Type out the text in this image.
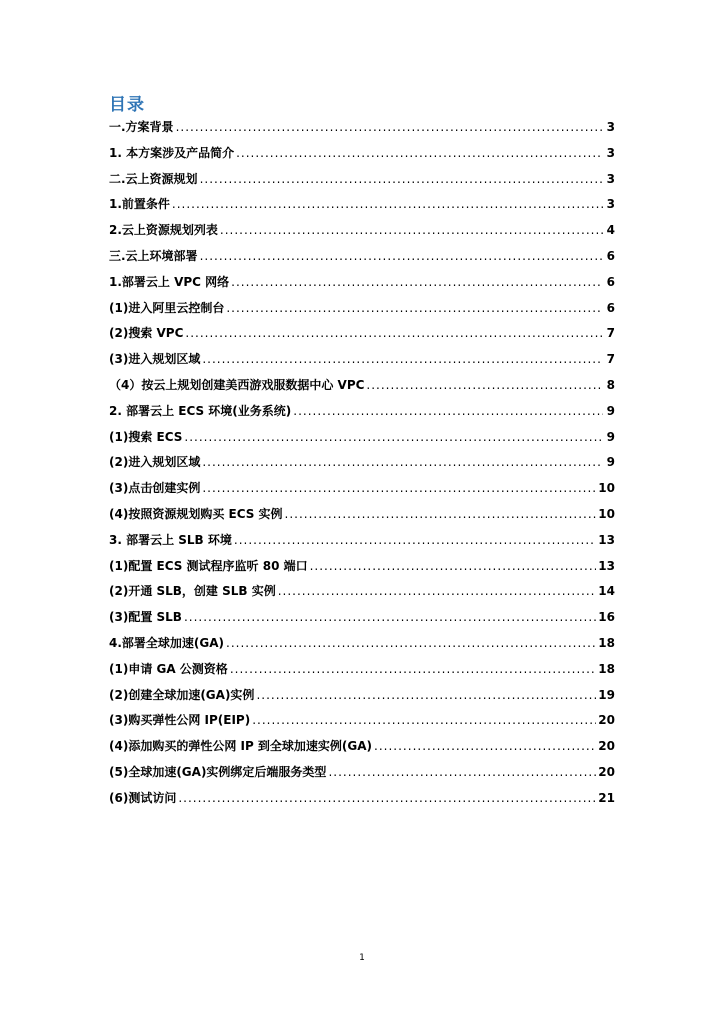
目录
一.方案背景 .....	3
1. 本方案涉及产品简介 .....	3
二.云上资源规划 .....	3
1.前置条件 .....	3
2.云上资源规划列表 .....	4
三.云上环境部署 .....	6
1.部署云上 VPC 网络 .....	6
(1)进入阿里云控制台 .....	6
(2)搜索 VPC .....	7
(3)进入规划区域 .....	7
（4）按云上规划创建美西游戏服数据中心 VPC .....	8
2. 部署云上 ECS 环境(业务系统) .....	9
(1)搜索 ECS .....	9
(2)进入规划区域 .....	9
(3)点击创建实例 .....	10
(4)按照资源规划购买 ECS 实例 .....	10
3. 部署云上 SLB 环境 .....	13
(1)配置 ECS 测试程序监听 80 端口 .....	13
(2)开通 SLB，创建 SLB 实例 .....	14
(3)配置 SLB .....	16
4.部署全球加速(GA) .....	18
(1)申请 GA 公测资格 .....	18
(2)创建全球加速(GA)实例 .....	19
(3)购买弹性公网 IP(EIP) .....	20
(4)添加购买的弹性公网 IP 到全球加速实例(GA) .....	20
(5)全球加速(GA)实例绑定后端服务类型 .....	20
(6)测试访问 .....	21
1
